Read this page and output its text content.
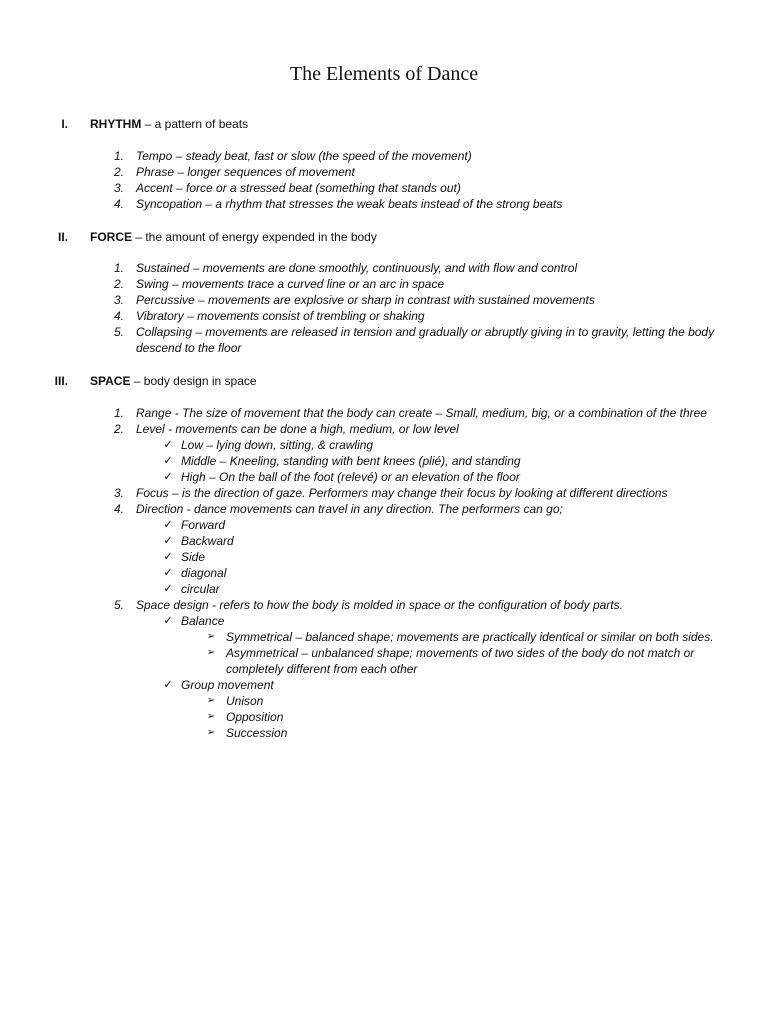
The Elements of Dance
I. RHYTHM – a pattern of beats
1. Tempo – steady beat, fast or slow (the speed of the movement)
2. Phrase – longer sequences of movement
3. Accent – force or a stressed beat (something that stands out)
4. Syncopation – a rhythm that stresses the weak beats instead of the strong beats
II. FORCE – the amount of energy expended in the body
1. Sustained – movements are done smoothly, continuously, and with flow and control
2. Swing – movements trace a curved line or an arc in space
3. Percussive – movements are explosive or sharp in contrast with sustained movements
4. Vibratory – movements consist of trembling or shaking
5. Collapsing – movements are released in tension and gradually or abruptly giving in to gravity, letting the body descend to the floor
III. SPACE – body design in space
1. Range - The size of movement that the body can create – Small, medium, big, or a combination of the three
2. Level - movements can be done a high, medium, or low level
✓ Low – lying down, sitting, & crawling
✓ Middle – Kneeling, standing with bent knees (plié), and standing
✓ High – On the ball of the foot (relevé) or an elevation of the floor
3. Focus – is the direction of gaze. Performers may change their focus by looking at different directions
4. Direction - dance movements can travel in any direction. The performers can go;
✓ Forward
✓ Backward
✓ Side
✓ diagonal
✓ circular
5. Space design - refers to how the body is molded in space or the configuration of body parts.
✓ Balance
➢ Symmetrical – balanced shape; movements are practically identical or similar on both sides.
➢ Asymmetrical – unbalanced shape; movements of two sides of the body do not match or completely different from each other
✓ Group movement
➢ Unison
➢ Opposition
➢ Succession
